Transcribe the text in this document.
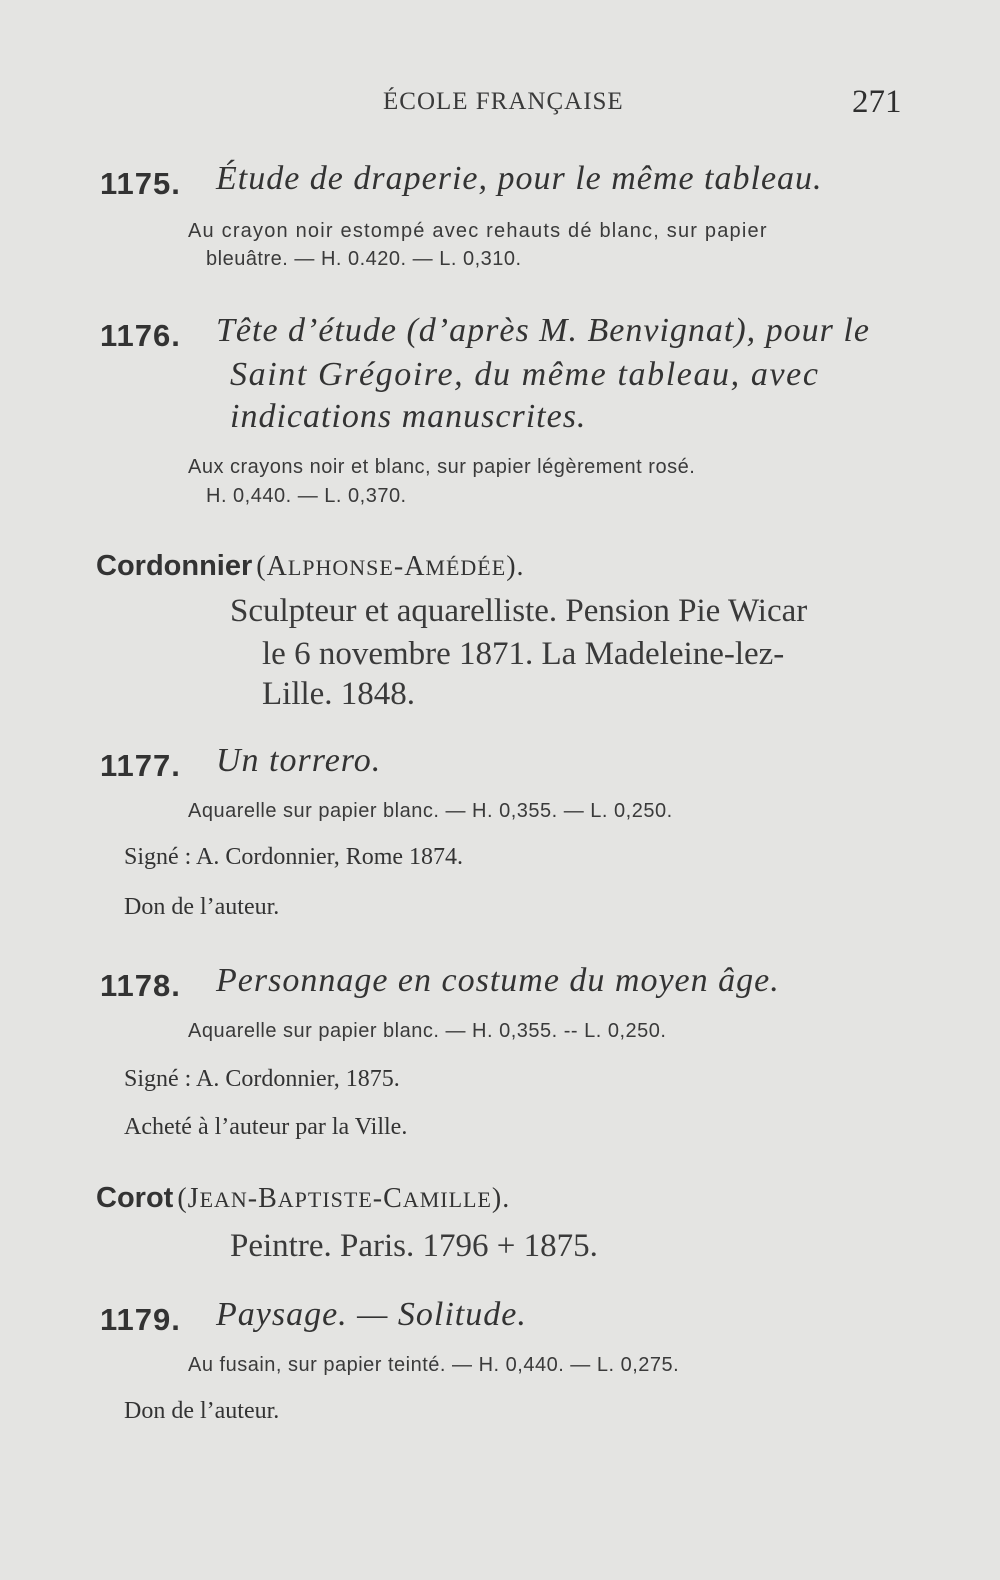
ÉCOLE FRANÇAISE	271
1175. Étude de draperie, pour le même tableau.
Au crayon noir estompé avec rehauts dé blanc, sur papier
bleuâtre. — H. 0.420. — L. 0,310.
1176. Tête d’étude (d’après M. Benvignat), pour le
Saint Grégoire, du même tableau, avec
indications manuscrites.
Aux crayons noir et blanc, sur papier légèrement rosé.
H. 0,440. — L. 0,370.
Cordonnier (ALPHONSE-AMÉDÉE).
Sculpteur et aquarelliste. Pension Pie Wicar
le 6 novembre 1871. La Madeleine-lez-
Lille. 1848.
1177. Un torrero.
Aquarelle sur papier blanc. — H. 0,355. — L. 0,250.
Signé : A. Cordonnier, Rome 1874.
Don de l’auteur.
1178. Personnage en costume du moyen âge.
Aquarelle sur papier blanc. — H. 0,355. -- L. 0,250.
Signé : A. Cordonnier, 1875.
Acheté à l’auteur par la Ville.
Corot (JEAN-BAPTISTE-CAMILLE).
Peintre. Paris. 1796 + 1875.
1179. Paysage. — Solitude.
Au fusain, sur papier teinté. — H. 0,440. — L. 0,275.
Don de l’auteur.
